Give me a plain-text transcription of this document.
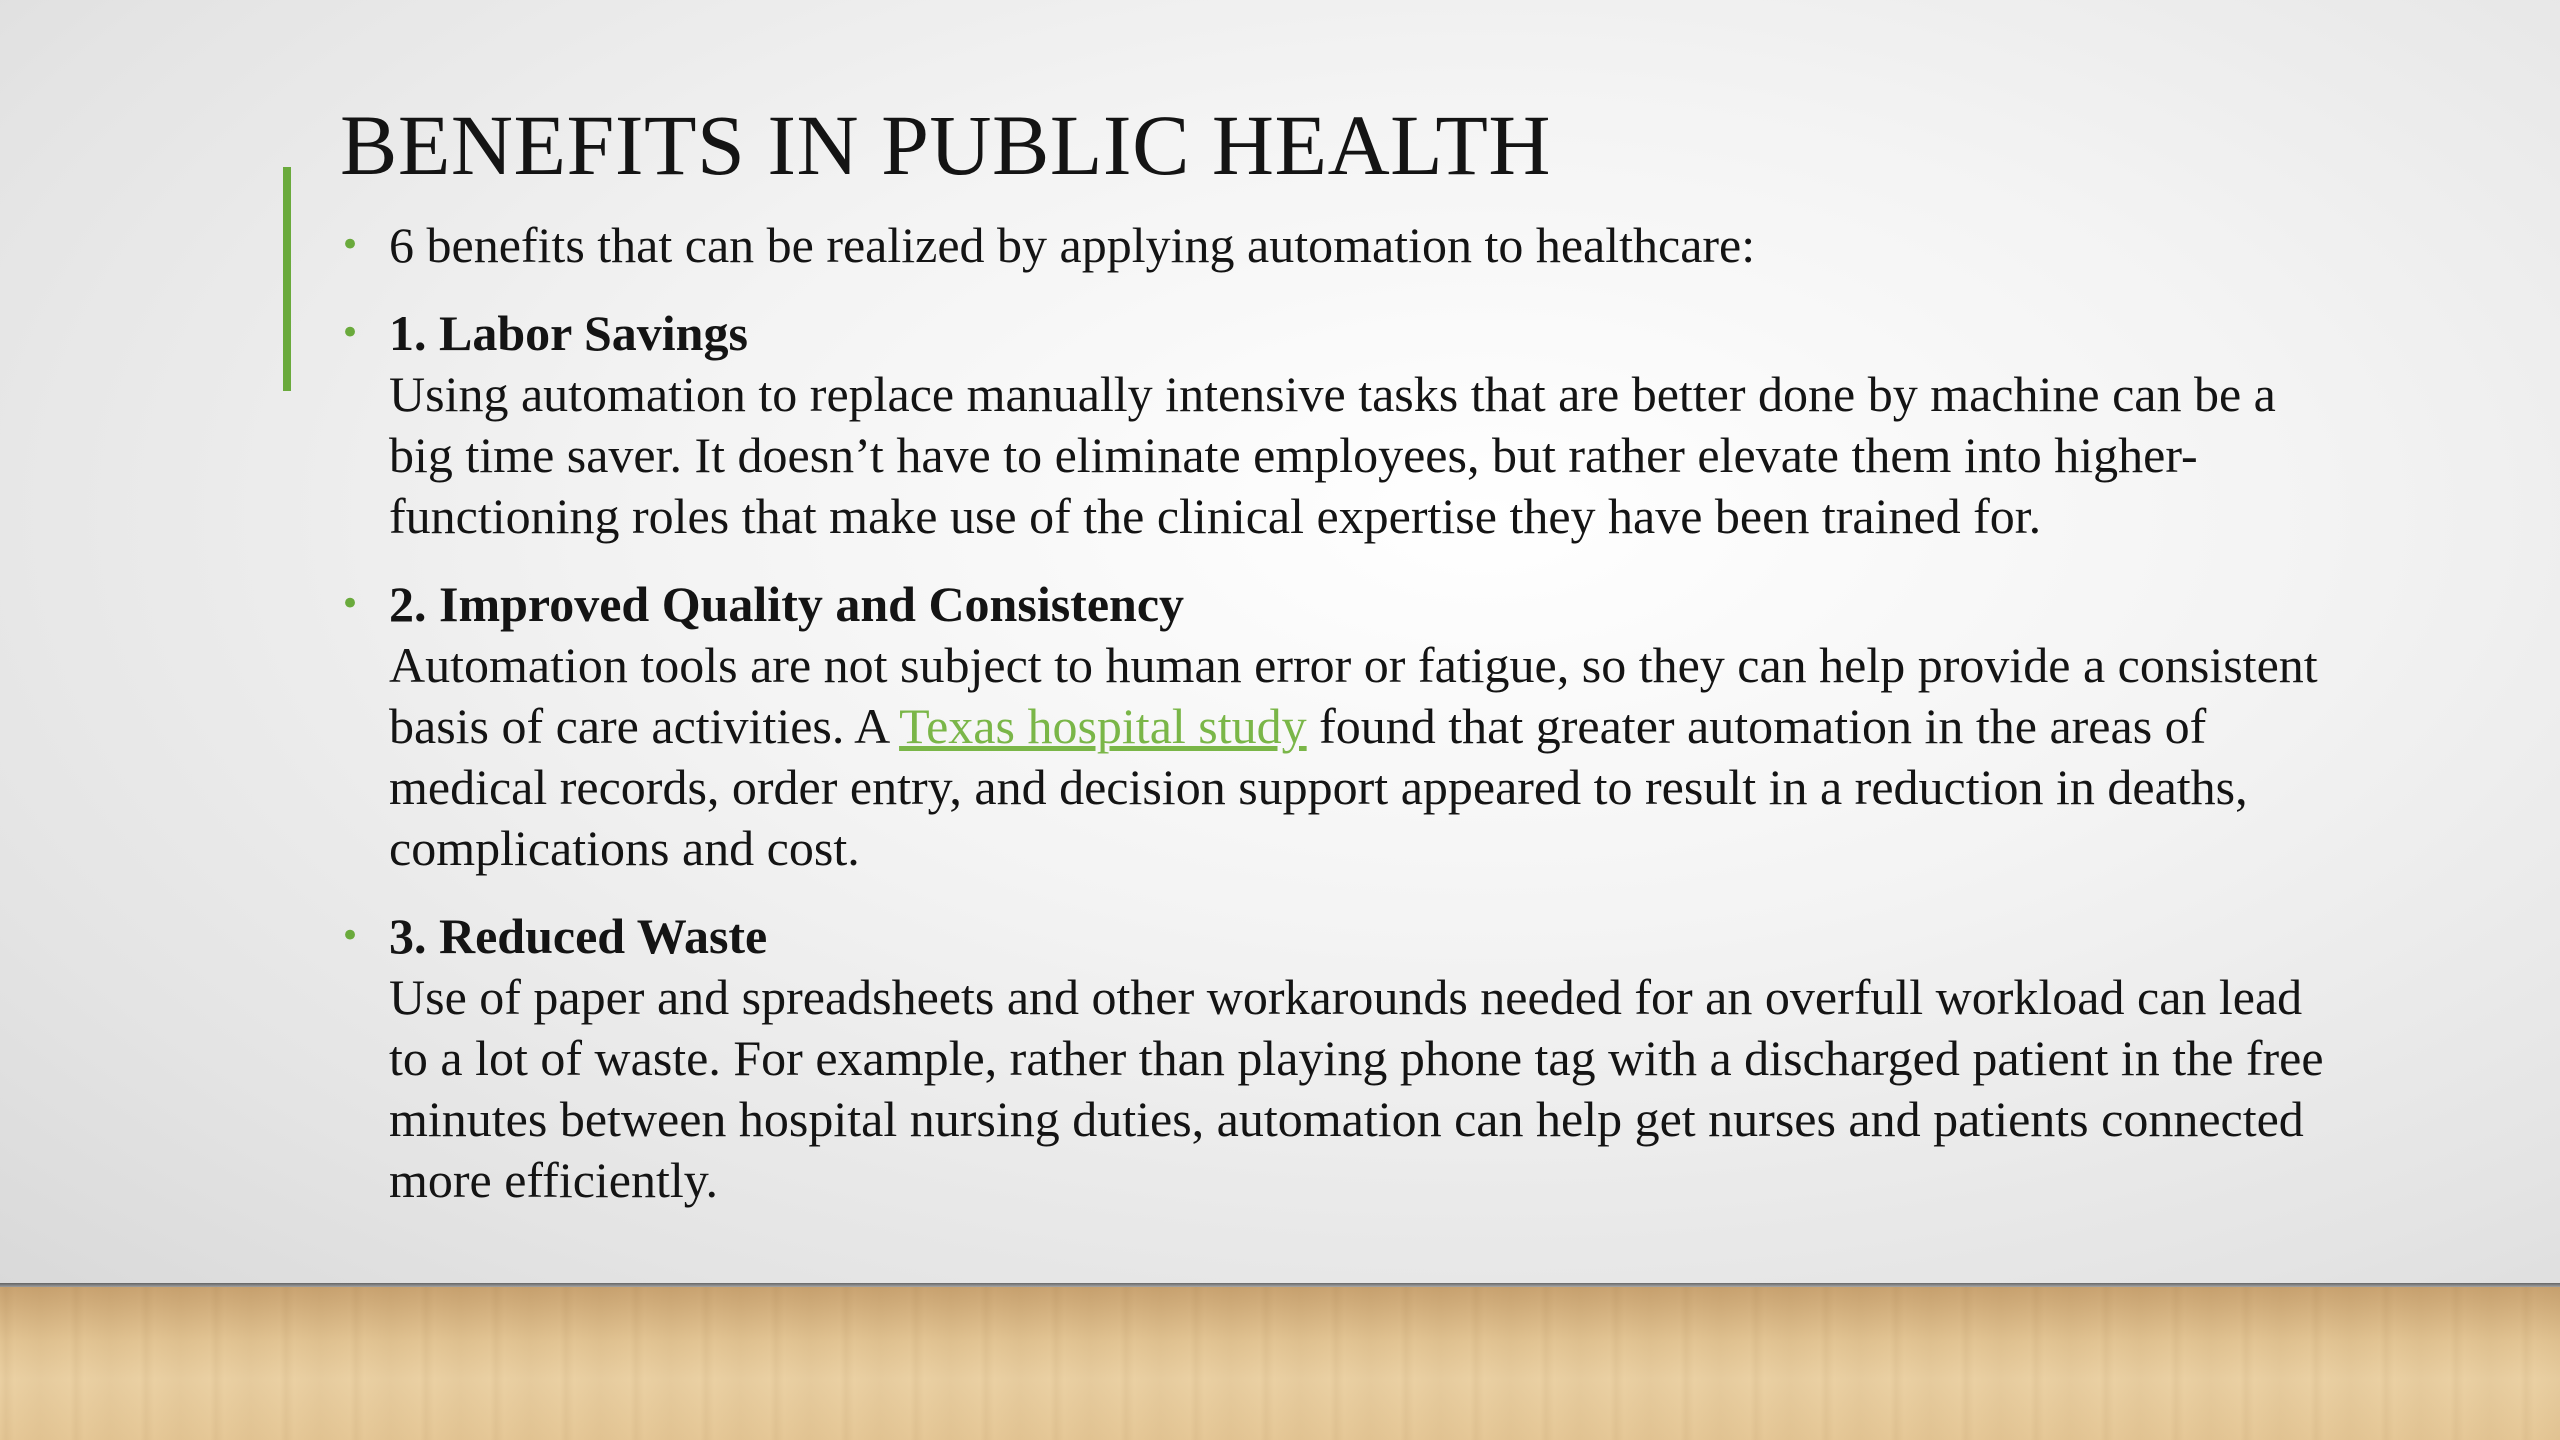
BENEFITS IN PUBLIC HEALTH
• 6 benefits that can be realized by applying automation to healthcare:
• 1. Labor Savings
Using automation to replace manually intensive tasks that are better done by machine can be a big time saver. It doesn’t have to eliminate employees, but rather elevate them into higher-functioning roles that make use of the clinical expertise they have been trained for.
• 2. Improved Quality and Consistency
Automation tools are not subject to human error or fatigue, so they can help provide a consistent basis of care activities. A Texas hospital study found that greater automation in the areas of medical records, order entry, and decision support appeared to result in a reduction in deaths, complications and cost.
• 3. Reduced Waste
Use of paper and spreadsheets and other workarounds needed for an overfull workload can lead to a lot of waste. For example, rather than playing phone tag with a discharged patient in the free minutes between hospital nursing duties, automation can help get nurses and patients connected more efficiently.
